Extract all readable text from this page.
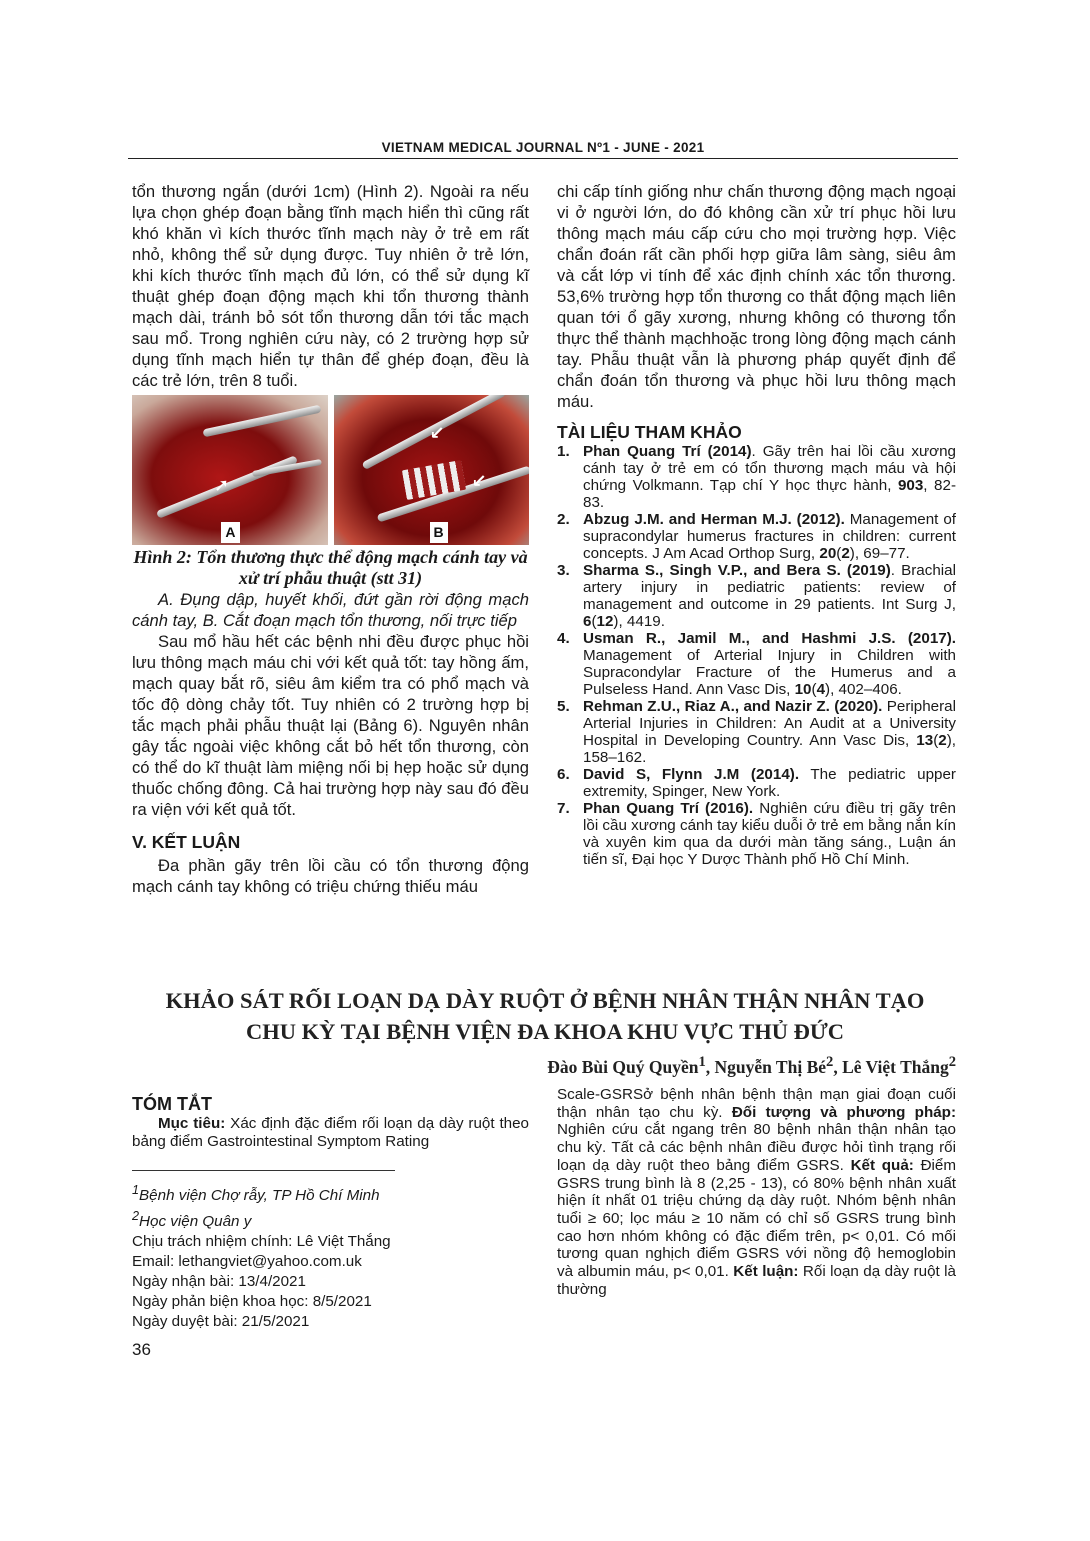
VIETNAM MEDICAL JOURNAL Nº1 - JUNE - 2021

tổn thương ngắn (dưới 1cm) (Hình 2). Ngoài ra nếu lựa chọn ghép đoạn bằng tĩnh mạch hiển thì cũng rất khó khăn vì kích thước tĩnh mạch này ở trẻ em rất nhỏ, không thể sử dụng được. Tuy nhiên ở trẻ lớn, khi kích thước tĩnh mạch đủ lớn, có thể sử dụng kĩ thuật ghép đoạn động mạch khi tổn thương thành mạch dài, tránh bỏ sót tổn thương dẫn tới tắc mạch sau mổ. Trong nghiên cứu này, có 2 trường hợp sử dụng tĩnh mạch hiển tự thân để ghép đoạn, đều là các trẻ lớn, trên 8 tuổi.

➚
A
↙
↙
B
Hình 2: Tổn thương thực thể động mạch cánh tay và xử trí phẫu thuật (stt 31)

A. Đụng dập, huyết khối, đứt gần rời động mạch cánh tay, B. Cắt đoạn mạch tổn thương, nối trực tiếp

Sau mổ hầu hết các bệnh nhi đều được phục hồi lưu thông mạch máu chi với kết quả tốt: tay hồng ấm, mạch quay bắt rõ, siêu âm kiểm tra có phổ mạch và tốc độ dòng chảy tốt. Tuy nhiên có 2 trường hợp bị tắc mạch phải phẫu thuật lại (Bảng 6). Nguyên nhân gây tắc ngoài việc không cắt bỏ hết tổn thương, còn có thể do kĩ thuật làm miệng nối bị hẹp hoặc sử dụng thuốc chống đông. Cả hai trường hợp này sau đó đều ra viện với kết quả tốt.

V. KẾT LUẬN

Đa phần gãy trên lồi cầu có tổn thương động mạch cánh tay không có triệu chứng thiếu máu

chi cấp tính giống như chấn thương động mạch ngoại vi ở người lớn, do đó không cần xử trí phục hồi lưu thông mạch máu cấp cứu cho mọi trường hợp. Việc chẩn đoán rất cần phối hợp giữa lâm sàng, siêu âm và cắt lớp vi tính để xác định chính xác tổn thương. 53,6% trường hợp tổn thương co thắt động mạch liên quan tới ổ gãy xương, nhưng không có thương tổn thực thể thành mạchhoặc trong lòng động mạch cánh tay. Phẫu thuật vẫn là phương pháp quyết định để chẩn đoán tổn thương và phục hồi lưu thông mạch máu.

TÀI LIỆU THAM KHẢO
1. Phan Quang Trí (2014). Gãy trên hai lồi cầu xương cánh tay ở trẻ em có tổn thương mạch máu và hội chứng Volkmann. Tạp chí Y học thực hành, 903, 82-83.
2. Abzug J.M. and Herman M.J. (2012). Management of supracondylar humerus fractures in children: current concepts. J Am Acad Orthop Surg, 20(2), 69–77.
3. Sharma S., Singh V.P., and Bera S. (2019). Brachial artery injury in pediatric patients: review of management and outcome in 29 patients. Int Surg J, 6(12), 4419.
4. Usman R., Jamil M., and Hashmi J.S. (2017). Management of Arterial Injury in Children with Supracondylar Fracture of the Humerus and a Pulseless Hand. Ann Vasc Dis, 10(4), 402–406.
5. Rehman Z.U., Riaz A., and Nazir Z. (2020). Peripheral Arterial Injuries in Children: An Audit at a University Hospital in Developing Country. Ann Vasc Dis, 13(2), 158–162.
6. David S, Flynn J.M (2014). The pediatric upper extremity, Spinger, New York.
7. Phan Quang Trí (2016). Nghiên cứu điều trị gãy trên lồi cầu xương cánh tay kiểu duỗi ở trẻ em bằng nắn kín và xuyên kim qua da dưới màn tăng sáng., Luận án tiến sĩ, Đại học Y Dược Thành phố Hồ Chí Minh.
KHẢO SÁT RỐI LOẠN DẠ DÀY RUỘT Ở BỆNH NHÂN THẬN NHÂN TẠO
CHU KỲ TẠI BỆNH VIỆN ĐA KHOA KHU VỰC THỦ ĐỨC
Đào Bùi Quý Quyền$^1$, Nguyễn Thị $Bé^2$, Lê Việt Thắng$^2$
TÓM TẮT

Mục tiêu: Xác định đặc điểm rối loạn dạ dày ruột theo bảng điểm Gastrointestinal Symptom Rating

Scale-GSRSở bệnh nhân bệnh thận mạn giai đoạn cuối thận nhân tạo chu kỳ. Đối tượng và phương pháp: Nghiên cứu cắt ngang trên 80 bệnh nhân thận nhân tạo chu kỳ. Tất cả các bệnh nhân điều được hỏi tình trạng rối loạn dạ dày ruột theo bảng điểm GSRS. Kết quả: Điểm GSRS trung bình là 8 (2,25 - 13), có 80% bệnh nhân xuất hiện ít nhất 01 triệu chứng dạ dày ruột. Nhóm bệnh nhân tuổi ≥ 60; lọc máu ≥ 10 năm có chỉ số GSRS trung bình cao hơn nhóm không có đặc điểm trên, p< 0,01. Có mối tương quan nghịch điểm GSRS với nồng độ hemoglobin và albumin máu, p< 0,01. Kết luận: Rối loạn dạ dày ruột là thường
$^1$Bệnh viện Chợ rẫy, TP Hồ Chí Minh
$^2$Học viện Quân y
Chịu trách nhiệm chính: Lê Việt Thắng
Email: lethangviet@yahoo.com.uk
Ngày nhận bài: 13/4/2021
Ngày phản biện khoa học: 8/5/2021
Ngày duyệt bài: 21/5/2021
36
